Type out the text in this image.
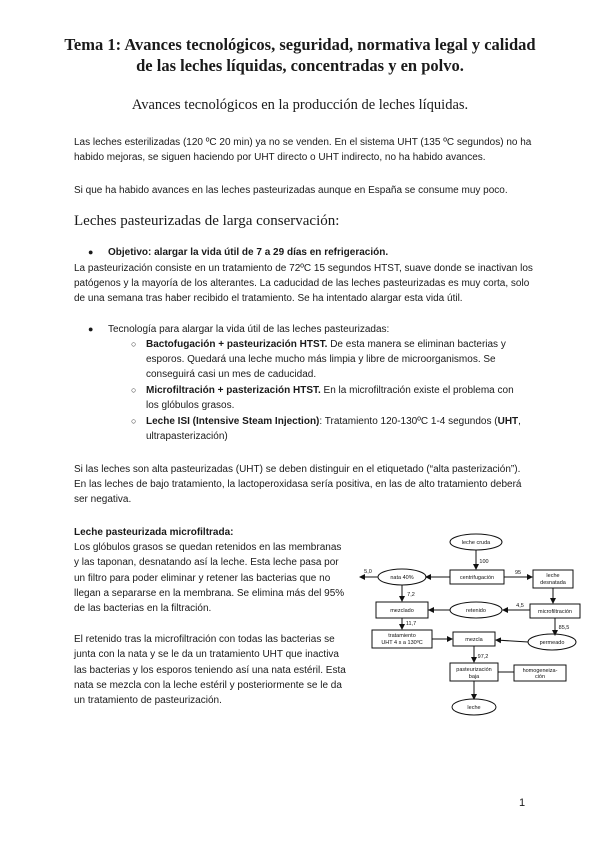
Tema 1: Avances tecnológicos, seguridad, normativa legal y calidad
de las leches líquidas, concentradas y en polvo.
Avances tecnológicos en la producción de leches líquidas.

Las leches esterilizadas (120 ºC 20 min) ya no se venden. En el sistema UHT (135 ºC segundos) no ha habido mejoras, se siguen haciendo por UHT directo o UHT indirecto, no ha habido avances.

Si que ha habido avances en las leches pasteurizadas aunque en España se consume muy poco.

Leches pasteurizadas de larga conservación:
● Objetivo: alargar la vida útil de 7 a 29 días en refrigeración.

La pasteurización consiste en un tratamiento de 72ºC 15 segundos HTST, suave donde se inactivan los patógenos y la mayoría de los alterantes. La caducidad de las leches pasteurizadas es muy corta, solo de una semana tras haber recibido el tratamiento. Se ha intentado alargar esta vida útil.

● Tecnología para alargar la vida útil de las leches pasteurizadas:
○ Bactofugación + pasteurización HTST. De esta manera se eliminan bacterias y esporos. Quedará una leche mucho más limpia y libre de microorganismos. Se conseguirá casi un mes de caducidad.
○ Microfiltración + pasterización HTST. En la microfiltración existe el problema con los glóbulos grasos.
○ Leche ISI (Intensive Steam Injection): Tratamiento 120-130ºC 1-4 segundos (UHT, ultrapasterización)

Si las leches son alta pasteurizadas (UHT) se deben distinguir en el etiquetado (“alta pasterización”). En las leches de bajo tratamiento, la lactoperoxidasa sería positiva, en las de alto tratamiento deberá ser negativa.

Leche pasteurizada microfiltrada:

Los glóbulos grasos se quedan retenidos en las membranas y las taponan, desnatando así la leche. Esta leche pasa por un filtro para poder eliminar y retener las bacterias que no llegan a separarse en la membrana. Se elimina más del 95% de las bacterias en la filtración.

El retenido tras la microfiltración con todas las bacterias se junta con la nata y se le da un tratamiento UHT que inactiva las bacterias y los esporos teniendo así una nata estéril. Esta nata se mezcla con la leche estéril y posteriormente se le da un tratamiento de pasteurización.

leche cruda
100
centrifugación
nata 40%
5,0	95	leche
desnatada
7,2
mezclado	retenido
4,5
microfiltración
11,7
85,5
tratamiento
UHT 4 s a 130ºC	mezcla	permeado
97,2
pasteurización
baja
homogeneiza-
ción
leche
1
